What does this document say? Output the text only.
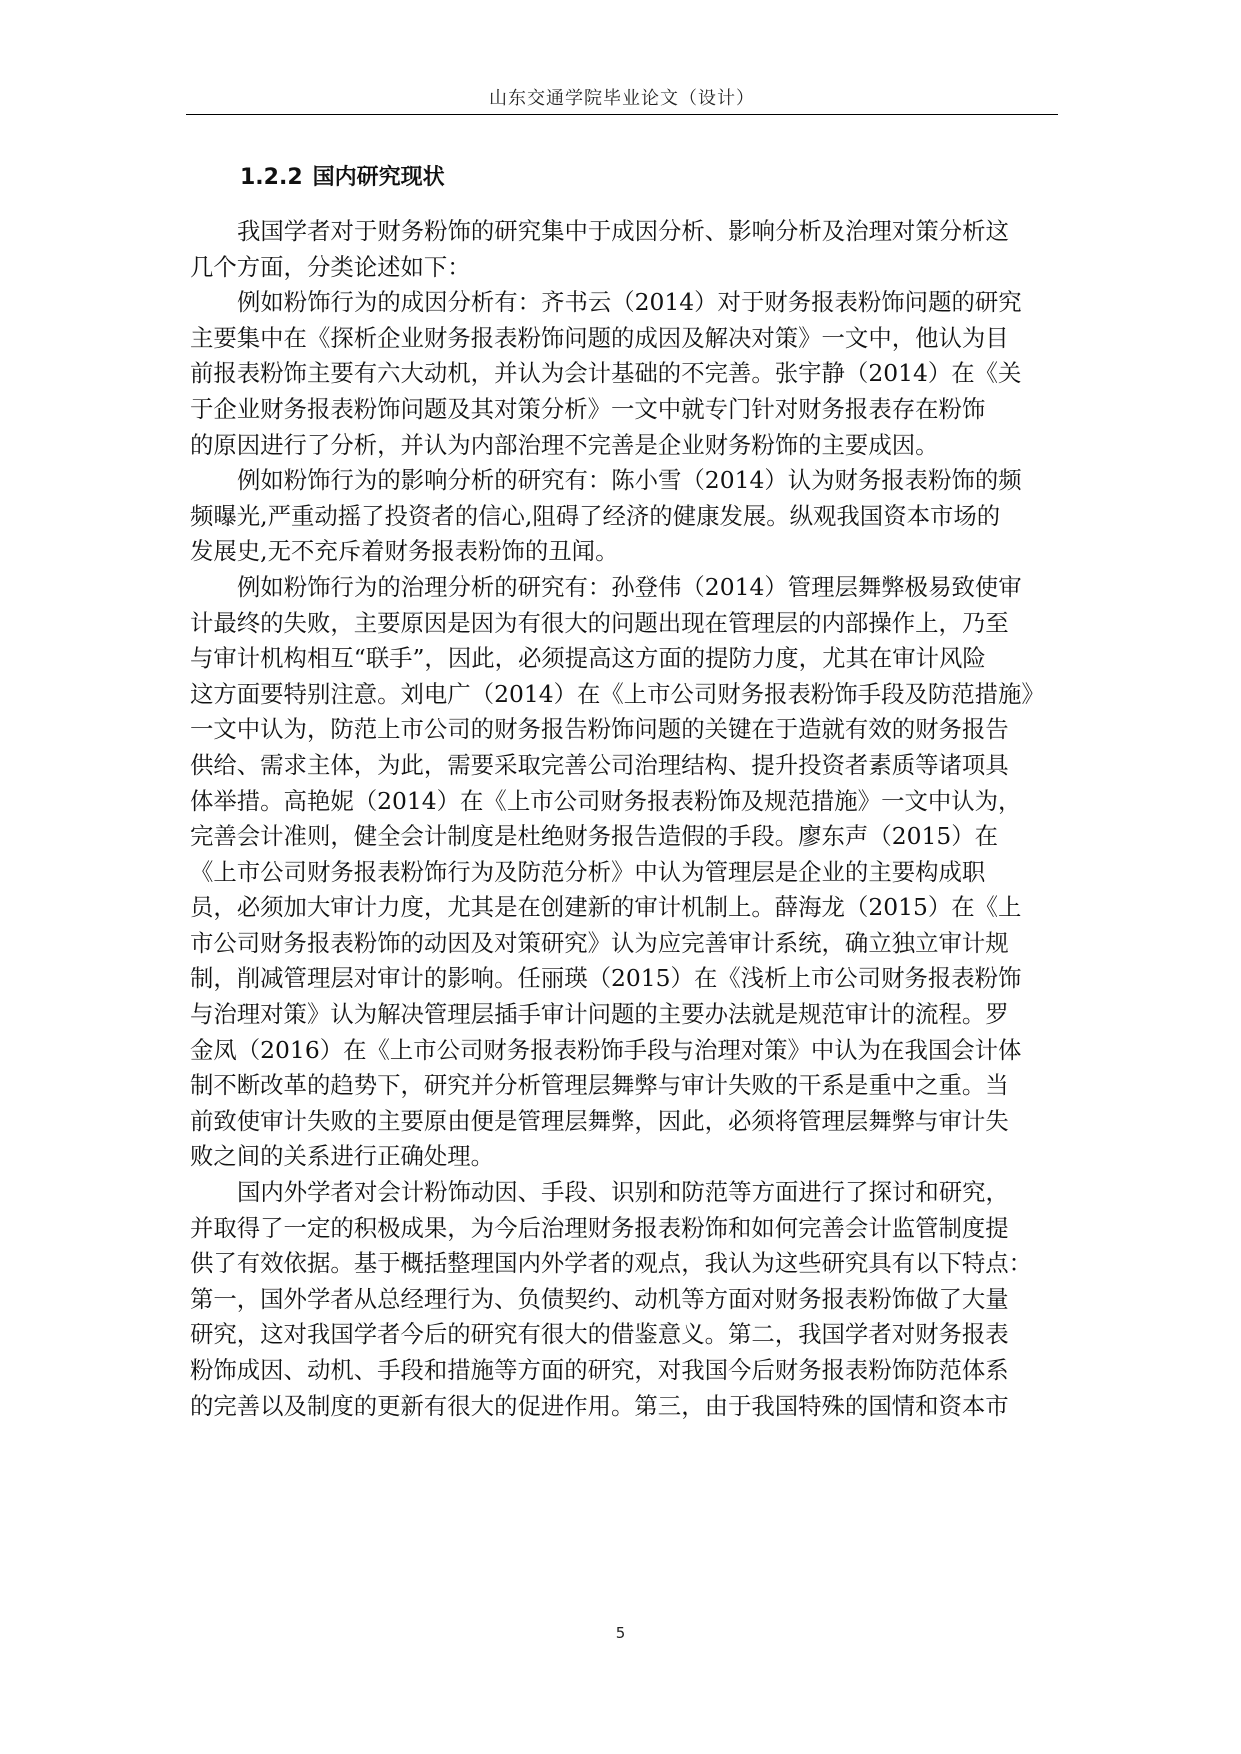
山东交通学院毕业论文（设计）
1.2.2 国内研究现状
我国学者对于财务粉饰的研究集中于成因分析、影响分析及治理对策分析这
几个方面，分类论述如下：
例如粉饰行为的成因分析有：齐书云（2014）对于财务报表粉饰问题的研究
主要集中在《探析企业财务报表粉饰问题的成因及解决对策》一文中，他认为目
前报表粉饰主要有六大动机，并认为会计基础的不完善。张宇静（2014）在《关
于企业财务报表粉饰问题及其对策分析》一文中就专门针对财务报表存在粉饰
的原因进行了分析，并认为内部治理不完善是企业财务粉饰的主要成因。
例如粉饰行为的影响分析的研究有：陈小雪（2014）认为财务报表粉饰的频
频曝光,严重动摇了投资者的信心,阻碍了经济的健康发展。纵观我国资本市场的
发展史,无不充斥着财务报表粉饰的丑闻。
例如粉饰行为的治理分析的研究有：孙登伟（2014）管理层舞弊极易致使审
计最终的失败，主要原因是因为有很大的问题出现在管理层的内部操作上，乃至
与审计机构相互“联手”，因此，必须提高这方面的提防力度，尤其在审计风险
这方面要特别注意。刘电广（2014）在《上市公司财务报表粉饰手段及防范措施》
一文中认为，防范上市公司的财务报告粉饰问题的关键在于造就有效的财务报告
供给、需求主体，为此，需要采取完善公司治理结构、提升投资者素质等诸项具
体举措。高艳妮（2014）在《上市公司财务报表粉饰及规范措施》一文中认为，
完善会计准则，健全会计制度是杜绝财务报告造假的手段。廖东声（2015）在
《上市公司财务报表粉饰行为及防范分析》中认为管理层是企业的主要构成职
员，必须加大审计力度，尤其是在创建新的审计机制上。薛海龙（2015）在《上
市公司财务报表粉饰的动因及对策研究》认为应完善审计系统，确立独立审计规
制，削减管理层对审计的影响。任丽瑛（2015）在《浅析上市公司财务报表粉饰
与治理对策》认为解决管理层插手审计问题的主要办法就是规范审计的流程。罗
金凤（2016）在《上市公司财务报表粉饰手段与治理对策》中认为在我国会计体
制不断改革的趋势下，研究并分析管理层舞弊与审计失败的干系是重中之重。当
前致使审计失败的主要原由便是管理层舞弊，因此，必须将管理层舞弊与审计失
败之间的关系进行正确处理。
国内外学者对会计粉饰动因、手段、识别和防范等方面进行了探讨和研究，
并取得了一定的积极成果，为今后治理财务报表粉饰和如何完善会计监管制度提
供了有效依据。基于概括整理国内外学者的观点，我认为这些研究具有以下特点：
第一，国外学者从总经理行为、负债契约、动机等方面对财务报表粉饰做了大量
研究，这对我国学者今后的研究有很大的借鉴意义。第二，我国学者对财务报表
粉饰成因、动机、手段和措施等方面的研究，对我国今后财务报表粉饰防范体系
的完善以及制度的更新有很大的促进作用。第三，由于我国特殊的国情和资本市
5
